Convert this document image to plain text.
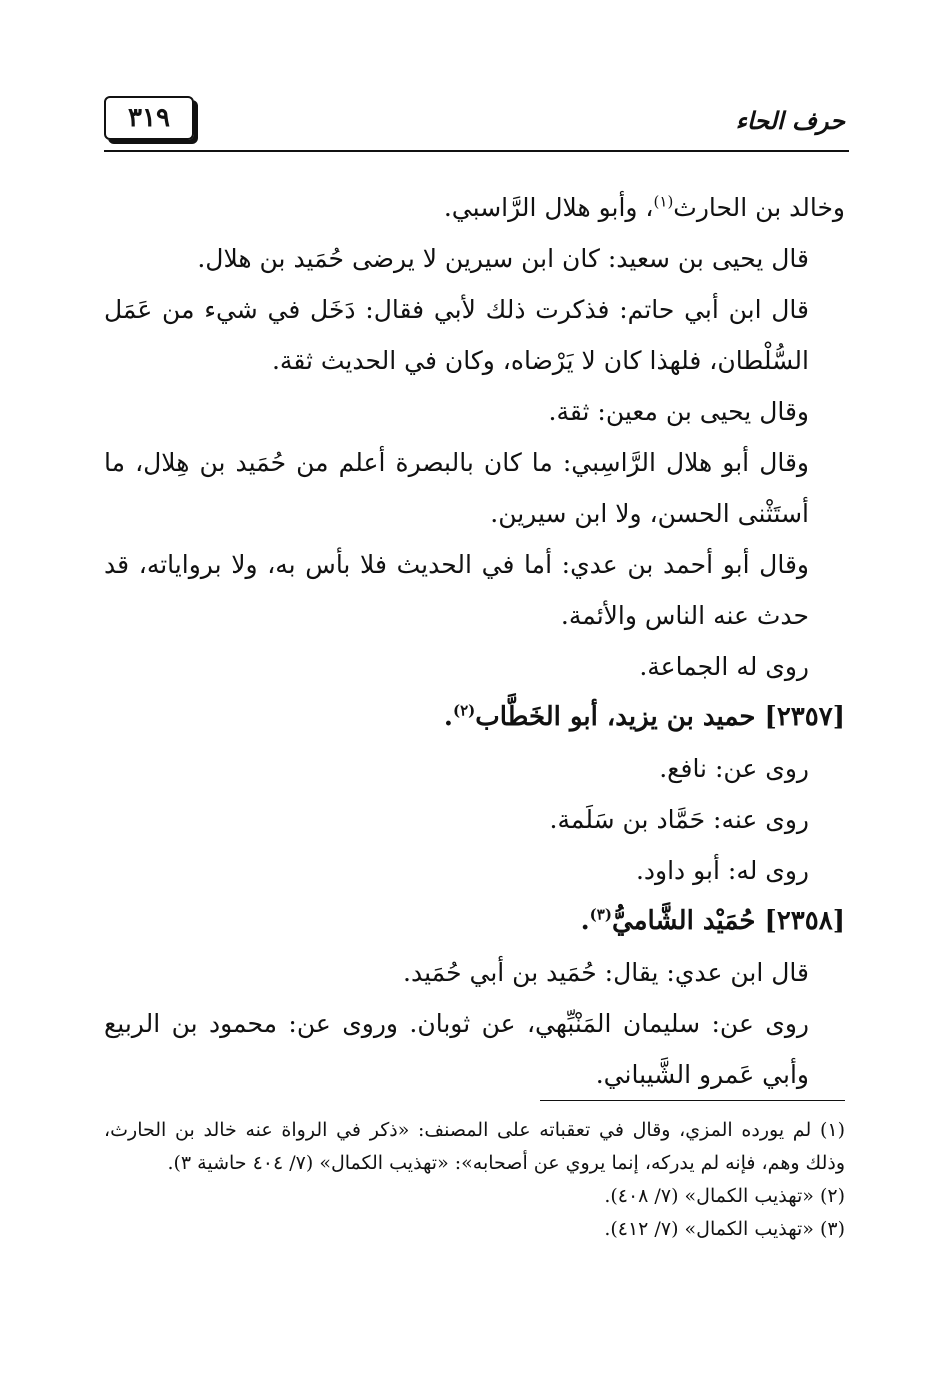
٣١٩	حرف الحاء

وخالد بن الحارث$^{(١)}$، وأبو هلال الرَّاسبي.

قال يحيى بن سعيد: كان ابن سيرين لا يرضى حُمَيد بن هلال.

قال ابن أبي حاتم: فذكرت ذلك لأبي فقال: دَخَل في شيء من عَمَل السُّلْطان، فلهذا كان لا يَرْضاه، وكان في الحديث ثقة.

وقال يحيى بن معين: ثقة.

وقال أبو هلال الرَّاسِبي: ما كان بالبصرة أعلم من حُمَيد بن هِلال، ما أستَثْنى الحسن، ولا ابن سيرين.

وقال أبو أحمد بن عدي: أما في الحديث فلا بأس به، ولا برواياته، قد حدث عنه الناس والأئمة.

روى له الجماعة.

[٢٣٥٧] حميد بن يزيد، أبو الخَطَّاب$^{(٢)}$.

روى عن: نافع.

روى عنه: حَمَّاد بن سَلَمة.

روى له: أبو داود.

[٢٣٥٨] حُمَيْد الشَّاميُّ$^{(٣)}$.

قال ابن عدي: يقال: حُمَيد بن أبي حُمَيد.

روى عن: سليمان المَنْبِّهي، عن ثوبان. وروى عن: محمود بن الربيع وأبي عَمرو الشَّيباني.

(١) لم يورده المزي، وقال في تعقباته على المصنف: «ذكر في الرواة عنه خالد بن الحارث، وذلك وهم، فإنه لم يدركه، إنما يروي عن أصحابه»: «تهذيب الكمال» (٧/ ٤٠٤ حاشية ٣).

(٢) «تهذيب الكمال» (٧/ ٤٠٨).

(٣) «تهذيب الكمال» (٧/ ٤١٢).
